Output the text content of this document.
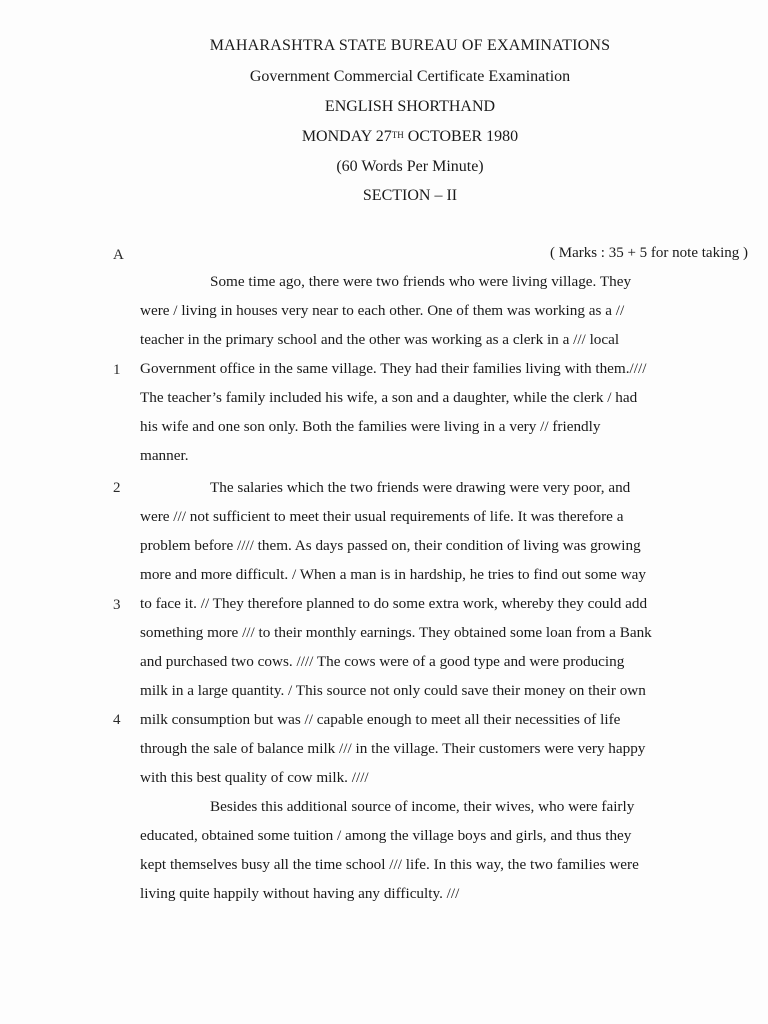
MAHARASHTRA STATE BUREAU OF EXAMINATIONS
Government Commercial Certificate Examination
ENGLISH SHORTHAND
MONDAY 27TH OCTOBER 1980
(60 Words Per Minute)
SECTION – II
A	( Marks : 35 + 5 for note taking )
1
2
3
4
Some time ago, there were two friends who were living village. They
were / living in houses very near to each other. One of them was working as a //
teacher in the primary school and the other was working as a clerk in a /// local
Government office in the same village. They had their families living with them.////
The teacher’s family included his wife, a son and a daughter, while the clerk / had
his wife and one son only. Both the families were living in a very // friendly
manner.
The salaries which the two friends were drawing were very poor, and
were /// not sufficient to meet their usual requirements of life. It was therefore a
problem before //// them. As days passed on, their condition of living was growing
more and more difficult. / When a man is in hardship, he tries to find out some way
to face it. // They therefore planned to do some extra work, whereby they could add
something more /// to their monthly earnings. They obtained some loan from a Bank
and purchased two cows. //// The cows were of a good type and were producing
milk in a large quantity. / This source not only could save their money on their own
milk consumption but was // capable enough to meet all their necessities of life
through the sale of balance milk /// in the village. Their customers were very happy
with this best quality of cow milk. ////
Besides this additional source of income, their wives, who were fairly
educated, obtained some tuition / among the village boys and girls, and thus they
kept themselves busy all the time school /// life. In this way, the two families were
living quite happily without having any difficulty. ///
